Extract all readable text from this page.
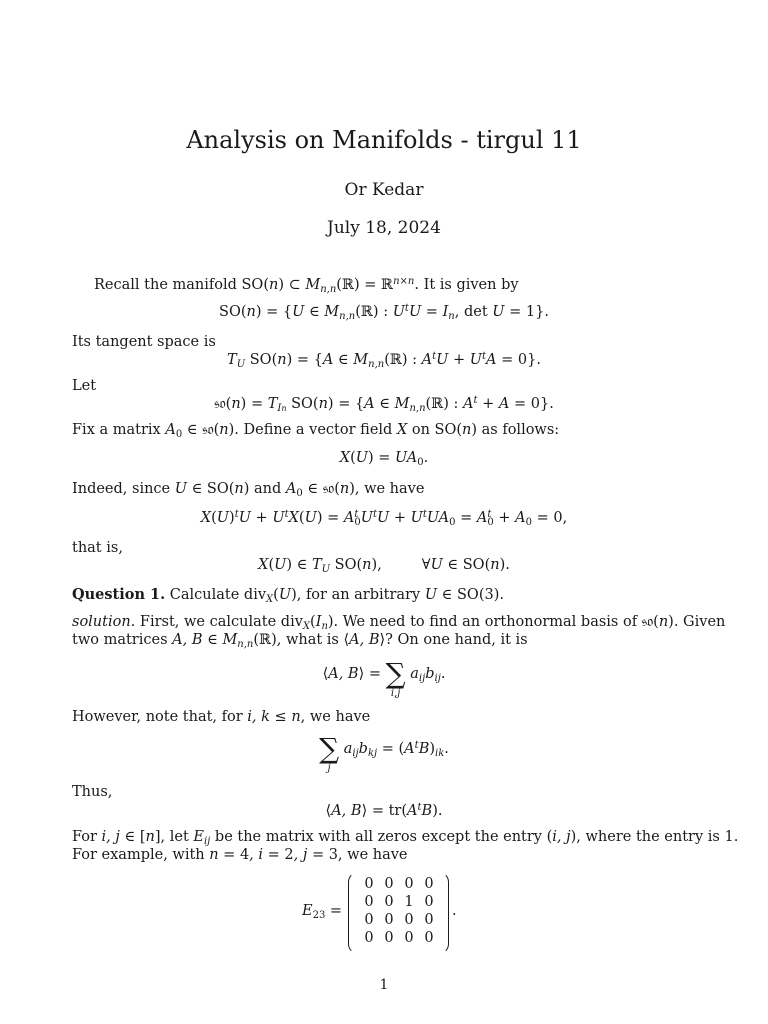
Analysis on Manifolds - tirgul 11
Or Kedar
July 18, 2024
Recall the manifold SO(n) ⊂ $M_{n,n}(ℝ)$ = ℝ$^{n\times n}$. It is given by
SO(n) = {U ∈ $M_{n,n}(ℝ)$ : $U^tU = I_n$, det U = 1}.
Its tangent space is
$T_U$ SO(n) = {A ∈ $M_{n,n}(ℝ)$ : $A^tU + U^tA = 0$}.
Let
𝔰𝔬(n) = $T_{In}$ SO(n) = {A ∈ $M_{n,n}(ℝ)$ : $A^t + A = 0$}.
Fix a matrix $A_0$ ∈ 𝔰𝔬(n). Define a vector field X on SO(n) as follows:
$X(U) = UA_0$.
Indeed, since U ∈ SO(n) and $A_0$ ∈ 𝔰𝔬(n), we have
$X(U)^tU + U^tX(U) = A^t_0U^tU + U^tUA_0 = A^t_0 + A_0 = 0$,
that is,
X(U) ∈ $T_U$ SO(n),	∀U ∈ SO(n).
Question 1. Calculate div$_X$(U), for an arbitrary U ∈ SO(3).
solution. First, we calculate $div_X(I_n)$. We need to find an orthonormal basis of 𝔰𝔬(n). Given
two matrices A, B ∈ $M_{n,n}(ℝ)$, what is ⟨A, B⟩? On one hand, it is
⟨A, B⟩ = ∑
i,j
$a_{ij}b_{ij}$.
However, note that, for i, k ≤ n, we have
∑
j
$a_{ij}b_{kj} = (A^tB)_{ik}$.
Thus,
⟨A, B⟩ = $tr(A^tB)$.
For i, j ∈ [n], let $E_{ij}$ be the matrix with all zeros except the entry (i, j), where the entry is 1.
For example, with n = 4, i = 2, j = 3, we have
$E_{23}$ =
0 0 0 0
0 0 1 0
0 0 0 0
0 0 0 0
.
1
